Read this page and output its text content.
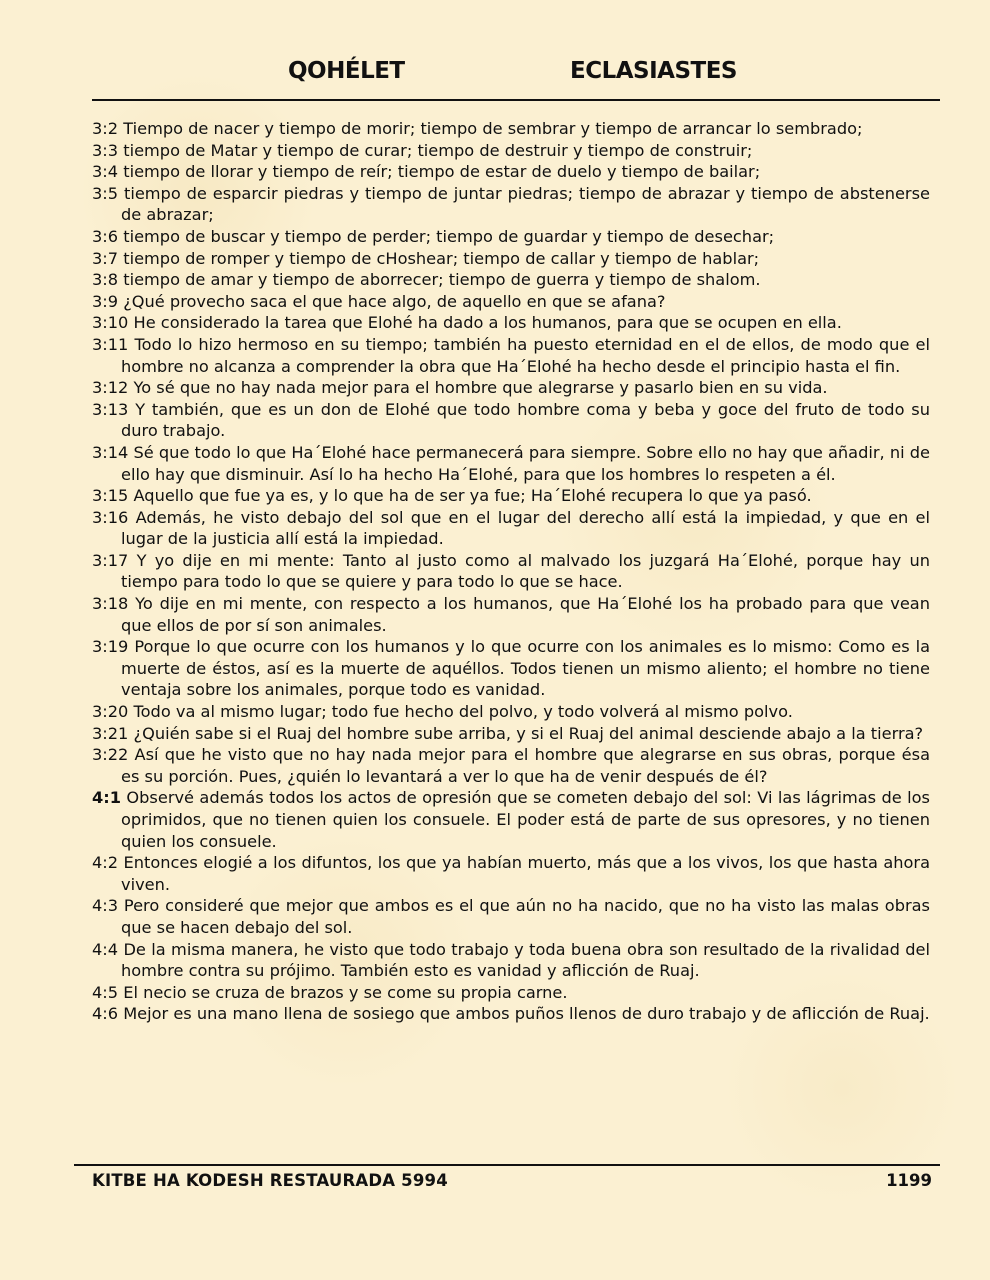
QOHÉLET	ECLASIASTES

3:2 Tiempo de nacer y tiempo de morir; tiempo de sembrar y tiempo de arrancar lo sembrado;

3:3 tiempo de Matar y tiempo de curar; tiempo de destruir y tiempo de construir;

3:4 tiempo de llorar y tiempo de reír; tiempo de estar de duelo y tiempo de bailar;

3:5 tiempo de esparcir piedras y tiempo de juntar piedras; tiempo de abrazar y tiempo de abstenerse de abrazar;

3:6 tiempo de buscar y tiempo de perder; tiempo de guardar y tiempo de desechar;

3:7 tiempo de romper y tiempo de cHoshear; tiempo de callar y tiempo de hablar;

3:8 tiempo de amar y tiempo de aborrecer; tiempo de guerra y tiempo de shalom.

3:9 ¿Qué provecho saca el que hace algo, de aquello en que se afana?

3:10 He considerado la tarea que Elohé ha dado a los humanos, para que se ocupen en ella.

3:11 Todo lo hizo hermoso en su tiempo; también ha puesto eternidad en el de ellos, de modo que el hombre no alcanza a comprender la obra que Ha´Elohé ha hecho desde el principio hasta el fin.

3:12 Yo sé que no hay nada mejor para el hombre que alegrarse y pasarlo bien en su vida.

3:13 Y también, que es un don de Elohé que todo hombre coma y beba y goce del fruto de todo su duro trabajo.

3:14 Sé que todo lo que Ha´Elohé hace permanecerá para siempre. Sobre ello no hay que añadir, ni de ello hay que disminuir. Así lo ha hecho Ha´Elohé, para que los hombres lo respeten a él.

3:15 Aquello que fue ya es, y lo que ha de ser ya fue; Ha´Elohé recupera lo que ya pasó.

3:16 Además, he visto debajo del sol que en el lugar del derecho allí está la impiedad, y que en el lugar de la justicia allí está la impiedad.

3:17 Y yo dije en mi mente: Tanto al justo como al malvado los juzgará Ha´Elohé, porque hay un tiempo para todo lo que se quiere y para todo lo que se hace.

3:18 Yo dije en mi mente, con respecto a los humanos, que Ha´Elohé los ha probado para que vean que ellos de por sí son animales.

3:19 Porque lo que ocurre con los humanos y lo que ocurre con los animales es lo mismo: Como es la muerte de éstos, así es la muerte de aquéllos. Todos tienen un mismo aliento; el hombre no tiene ventaja sobre los animales, porque todo es vanidad.

3:20 Todo va al mismo lugar; todo fue hecho del polvo, y todo volverá al mismo polvo.

3:21 ¿Quién sabe si el Ruaj del hombre sube arriba, y si el Ruaj del animal desciende abajo a la tierra?

3:22 Así que he visto que no hay nada mejor para el hombre que alegrarse en sus obras, porque ésa es su porción. Pues, ¿quién lo levantará a ver lo que ha de venir después de él?

4:1 Observé además todos los actos de opresión que se cometen debajo del sol: Vi las lágrimas de los oprimidos, que no tienen quien los consuele. El poder está de parte de sus opresores, y no tienen quien los consuele.

4:2 Entonces elogié a los difuntos, los que ya habían muerto, más que a los vivos, los que hasta ahora viven.

4:3 Pero consideré que mejor que ambos es el que aún no ha nacido, que no ha visto las malas obras que se hacen debajo del sol.

4:4 De la misma manera, he visto que todo trabajo y toda buena obra son resultado de la rivalidad del hombre contra su prójimo. También esto es vanidad y aflicción de Ruaj.

4:5 El necio se cruza de brazos y se come su propia carne.

4:6 Mejor es una mano llena de sosiego que ambos puños llenos de duro trabajo y de aflicción de Ruaj.

KITBE HA KODESH RESTAURADA 5994	1199
